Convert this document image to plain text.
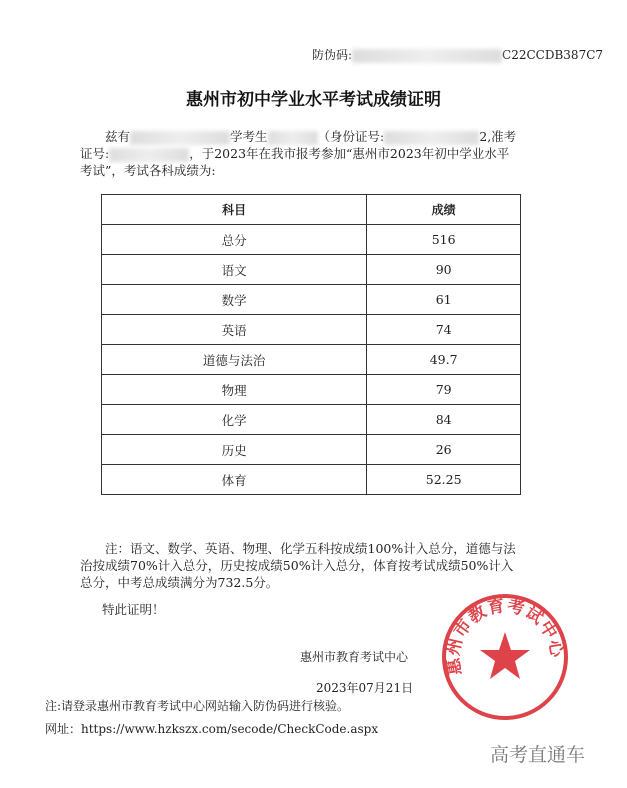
防伪码:	C22CCDB387C7
惠州市初中学业水平考试成绩证明
  兹有	学考生	（身份证号:	2,准考证号:	，于2023年在我市报考参加“惠州市2023年初中学业水平考试”，考试各科成绩为:
科目	成绩
总分	516
语文	90
数学	61
英语	74
道德与法治	49.7
物理	79
化学	84
历史	26
体育	52.25
  注：语文、数学、英语、物理、化学五科按成绩100%计入总分，道德与法治按成绩70%计入总分，历史按成绩50%计入总分，体育按考试成绩50%计入总分，中考总成绩满分为732.5分。
特此证明！
惠州市教育考试中心
惠州市教育考试中心
2023年07月21日
注:请登录惠州市教育考试中心网站输入防伪码进行核验。
网址：https://www.hzkszx.com/secode/CheckCode.aspx
高考直通车
